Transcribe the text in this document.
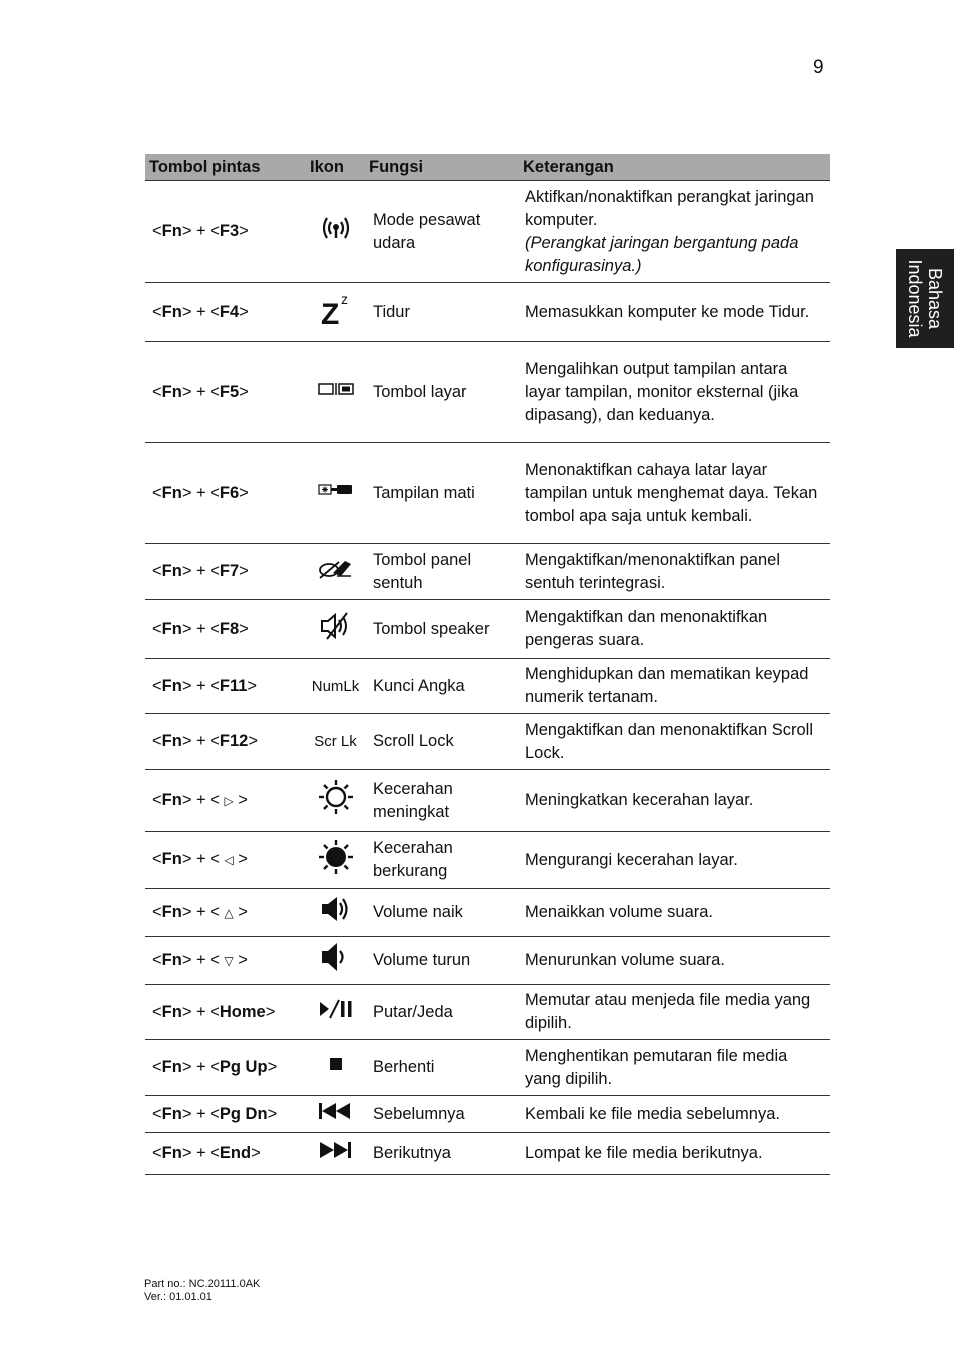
9
Bahasa
Indonesia
Tombol pintas	Ikon	Fungsi	Keterangan
<Fn> + <F3>		Mode pesawat udara	Aktifkan/nonaktifkan perangkat jaringan komputer.
(Perangkat jaringan bergantung pada konfigurasinya.)
<Fn> + <F4>	Z z	Tidur	Memasukkan komputer ke mode Tidur.
<Fn> + <F5>		Tombol layar	Mengalihkan output tampilan antara layar tampilan, monitor eksternal (jika dipasang), dan keduanya.
<Fn> + <F6>		Tampilan mati	Menonaktifkan cahaya latar layar tampilan untuk menghemat daya. Tekan tombol apa saja untuk kembali.
<Fn> + <F7>		Tombol panel sentuh	Mengaktifkan/menonaktifkan panel sentuh terintegrasi.
<Fn> + <F8>		Tombol speaker	Mengaktifkan dan menonaktifkan pengeras suara.
<Fn> + <F11>	NumLk	Kunci Angka	Menghidupkan dan mematikan keypad numerik tertanam.
<Fn> + <F12>	Scr Lk	Scroll Lock	Mengaktifkan dan menonaktifkan Scroll Lock.
<Fn> + < ▷ >		Kecerahan meningkat	Meningkatkan kecerahan layar.
<Fn> + < ◁ >		Kecerahan berkurang	Mengurangi kecerahan layar.
<Fn> + < △ >		Volume naik	Menaikkan volume suara.
<Fn> + < ▽ >		Volume turun	Menurunkan volume suara.
<Fn> + <Home>		Putar/Jeda	Memutar atau menjeda file media yang dipilih.
<Fn> + <Pg Up>		Berhenti	Menghentikan pemutaran file media yang dipilih.
<Fn> + <Pg Dn>		Sebelumnya	Kembali ke file media sebelumnya.
<Fn> + <End>		Berikutnya	Lompat ke file media berikutnya.
Part no.: NC.20111.0AK
Ver.: 01.01.01
